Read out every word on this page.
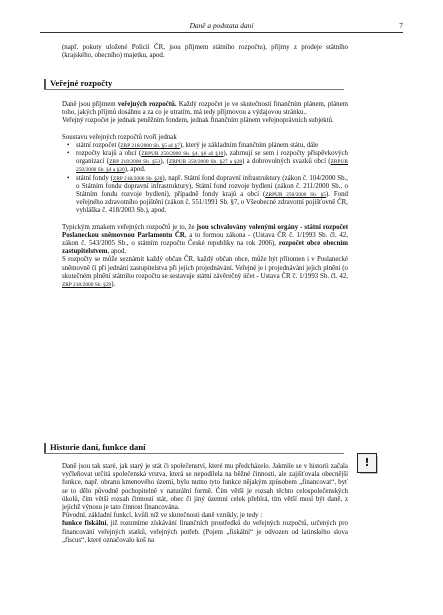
Daně a podstata daní	7

(např. pokuty uložené Policií ČR, jsou příjmem státního rozpočtu), příjmy z prodeje státního (krajského, obecního) majetku, apod.

Veřejné rozpočty

Daně jsou příjmem veřejných rozpočtů. Každý rozpočet je ve skutečnosti finančním plánem, plánem toho, jakých příjmů dosáhnu a za co je utratím, má tedy příjmovou a výdajovou stránku..

Veřejný rozpočet je jednak peněžním fondem, jednak finančním plánem veřejnoprávních subjektů.

Soustavu veřejných rozpočtů tvoří jednak

• státní rozpočet (ZRP 218/2000 Sb. §5 až §7), který je základním finančním plánem státu, dále
• rozpočty krajů a obcí (ZRPUR 250/2000 Sb. §4, §6 až §10), zahrnují se sem i rozpočty příspěvkových organizací (ZRP 218/2000 Sb. §53), (ZRPUR 250/2000 Sb. §27 a §28) a dobrovolných svazků obcí (ZRPUR 250/2000 Sb. §4 a §20), apod.
• státní fondy (ZRP 218/2000 Sb. §28), např. Státní fond dopravní infrastruktury (zákon č. 104/2000 Sb., o Státním fondu dopravní infrastruktury), Státní fond rozvoje bydlení (zákon č. 211/2000 Sb., o Státním fondu rozvoje bydlení), případně fondy krajů a obcí (ZRPUR 250/2000 Sb. §5). Fond veřejného zdravotního pojištění (zákon č. 551/1991 Sb. §7, o Všeobecné zdravotní pojišťovně ČR, vyhláška č. 418/2003 Sb.), apod.

Typickým zmakem veřejných rozpočtů je to, že jsou schvalovány volenými orgány - státní rozpočet Poslaneckou sněmovnou Parlamentu ČR, a to formou zákona - (Ustava ČR č. 1/1993 Sb. čl. 42, zákon č. 543/2005 Sb., o státním rozpočtu České republiky na rok 2006), rozpočet obce obecním zastupitelstvem, apod.

S rozpočty se může seznámit každý občan ČR, každý občan obce, může být přítomen i v Poslanecké sněmovně či při jednání zastupitelstva při jejich projednávání. Veřejné je i projednávání jejich plnění (o skutečném plnění státního rozpočtu se sestavuje státní závěrečný účet - Ustava ČR č. 1/1993 Sb. čl. 42, ZRP 218/2000 Sb. §29).

Historie daní, funkce daní
!

Daně jsou tak staré, jak starý je stát či společenství, které mu předcházelo. Jakmile se v historii začala vyčleňovat určitá společenská vrstva, která se nepodílela na běžné činnosti, ale zajišťovala obecnější funkce, např. obranu kmenového území, bylo nutno tyto funkce nějakým způsobem „financovat“, byť se to dělo původně pochopitelně v naturální formě. Čím větší je rozsah těchto celospolečenských úkolů, čím větší rozsah činností stát, obec či jiný územní celek přebírá, tím větší musí být daně, z jejichž výnosu je tato činnost financována.

Původní, základní funkcí, kvůli níž ve skutečnosti daně vznikly, je tedy :

funkce fiskální, již rozumíme získávání finančních prostředků do veřejných rozpočtů, určených pro financování veřejných statků, veřejných potřeb. (Pojem „fiskální“ je odvozen od latinského slova „fiscus“, které označovalo koš na
